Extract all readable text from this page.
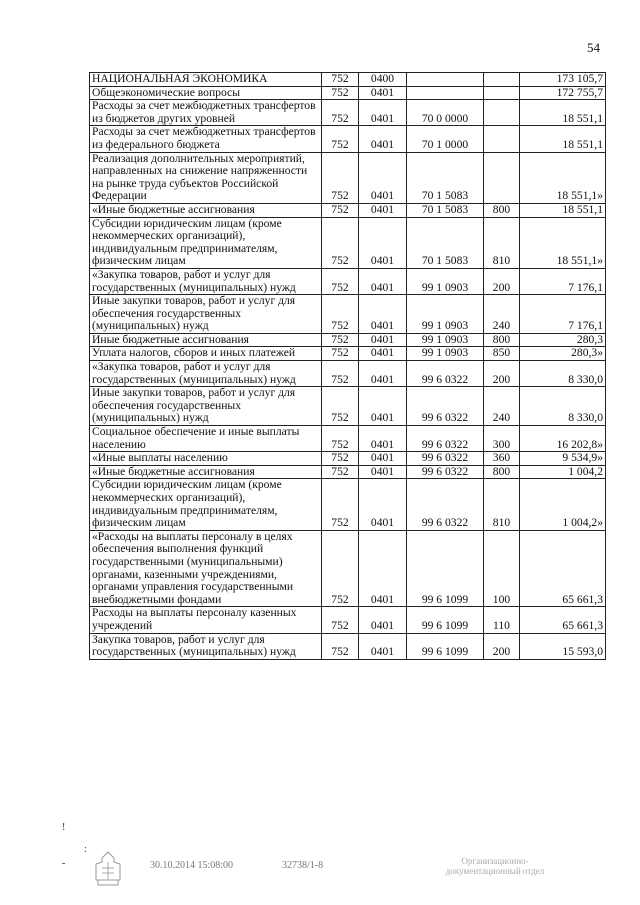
54
НАЦИОНАЛЬНАЯ ЭКОНОМИКА	752	0400			173 105,7
Общеэкономические вопросы	752	0401			172 755,7
Расходы за счет межбюджетных трансфертов из бюджетов других уровней	752	0401	70 0 0000		18 551,1
Расходы за счет межбюджетных трансфертов из федерального бюджета	752	0401	70 1 0000		18 551,1
Реализация дополнительных мероприятий, направленных на снижение напряженности на рынке труда субъектов Российской Федерации	752	0401	70 1 5083		18 551,1»
«Иные бюджетные ассигнования	752	0401	70 1 5083	800	18 551,1
Субсидии юридическим лицам (кроме некоммерческих организаций), индивидуальным предпринимателям, физическим лицам	752	0401	70 1 5083	810	18 551,1»
«Закупка товаров, работ и услуг для государственных (муниципальных) нужд	752	0401	99 1 0903	200	7 176,1
Иные закупки товаров, работ и услуг для обеспечения государственных (муниципальных) нужд	752	0401	99 1 0903	240	7 176,1
Иные бюджетные ассигнования	752	0401	99 1 0903	800	280,3
Уплата налогов, сборов и иных платежей	752	0401	99 1 0903	850	280,3»
«Закупка товаров, работ и услуг для государственных (муниципальных) нужд	752	0401	99 6 0322	200	8 330,0
Иные закупки товаров, работ и услуг для обеспечения государственных (муниципальных) нужд	752	0401	99 6 0322	240	8 330,0
Социальное обеспечение и иные выплаты населению	752	0401	99 6 0322	300	16 202,8»
«Иные выплаты населению	752	0401	99 6 0322	360	9 534,9»
«Иные бюджетные ассигнования	752	0401	99 6 0322	800	1 004,2
Субсидии юридическим лицам (кроме некоммерческих организаций), индивидуальным предпринимателям, физическим лицам	752	0401	99 6 0322	810	1 004,2»
«Расходы на выплаты персоналу в целях обеспечения выполнения функций государственными (муниципальными) органами, казенными учреждениями, органами управления государственными внебюджетными фондами	752	0401	99 6 1099	100	65 661,3
Расходы на выплаты персоналу казенных учреждений	752	0401	99 6 1099	110	65 661,3
Закупка товаров, работ и услуг для государственных (муниципальных) нужд	752	0401	99 6 1099	200	15 593,0
30.10.2014 15:08:00	32738/1-8	Организационно-
документационный отдел
!
:
-
